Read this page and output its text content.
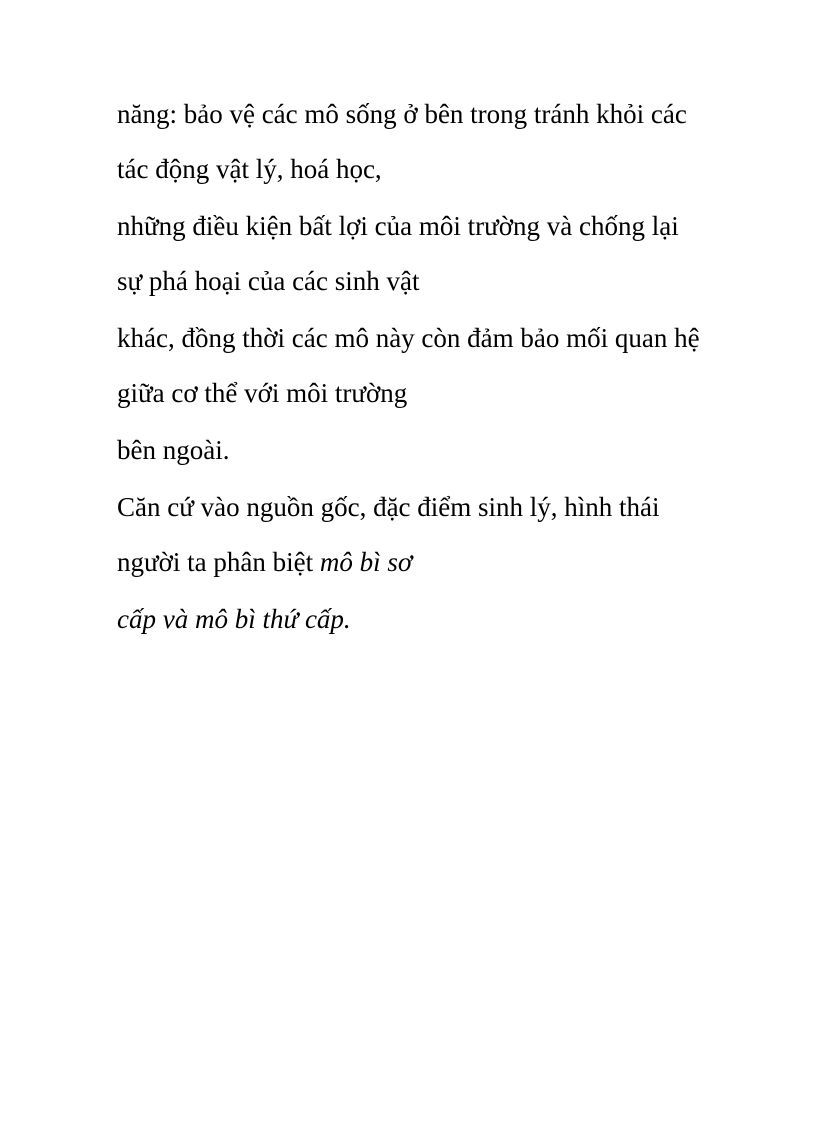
năng: bảo vệ các mô sống ở bên trong tránh khỏi các
tác động vật lý, hoá học,
những điều kiện bất lợi của môi trường và chống lại
sự phá hoại của các sinh vật
khác, đồng thời các mô này còn đảm bảo mối quan hệ
giữa cơ thể với môi trường
bên ngoài.
Căn cứ vào nguồn gốc, đặc điểm sinh lý, hình thái
người ta phân biệt mô bì sơ
cấp và mô bì thứ cấp.
